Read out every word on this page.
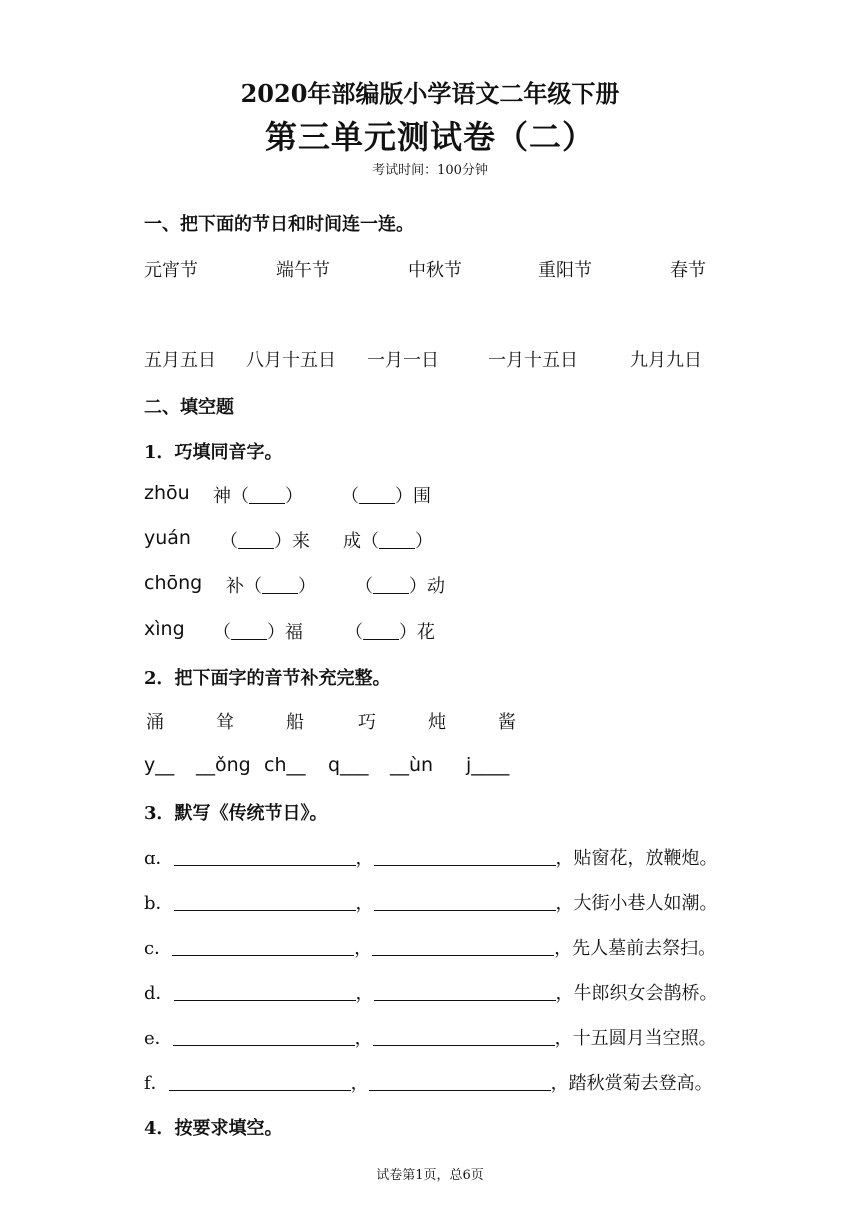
2020年部编版小学语文二年级下册
第三单元测试卷（二）
考试时间：100分钟
一、把下面的节日和时间连一连。
元宵节	端午节	中秋节	重阳节	春节
五月五日 八月十五日 一月一日	一月十五日	九月九日
二、填空题
1．巧填同音字。
zhōu 神（ ） （ ）围
yuán （ ）来 成（ ）
chōng 补（ ） （ ）动
xìng （ ）福 （ ）花
2．把下面字的音节补充完整。
涌	耸	船	巧	炖	酱
y__ __ǒng ch__ q___ __ùn j____
3．默写《传统节日》。
ɑ．	，	，贴窗花，放鞭炮。
b．	，	，大街小巷人如潮。
c．	，	，先人墓前去祭扫。
d．	，	，牛郎织女会鹊桥。
e．	，	，十五圆月当空照。
f．	，	，踏秋赏菊去登高。
4．按要求填空。
试卷第1页，总6页
